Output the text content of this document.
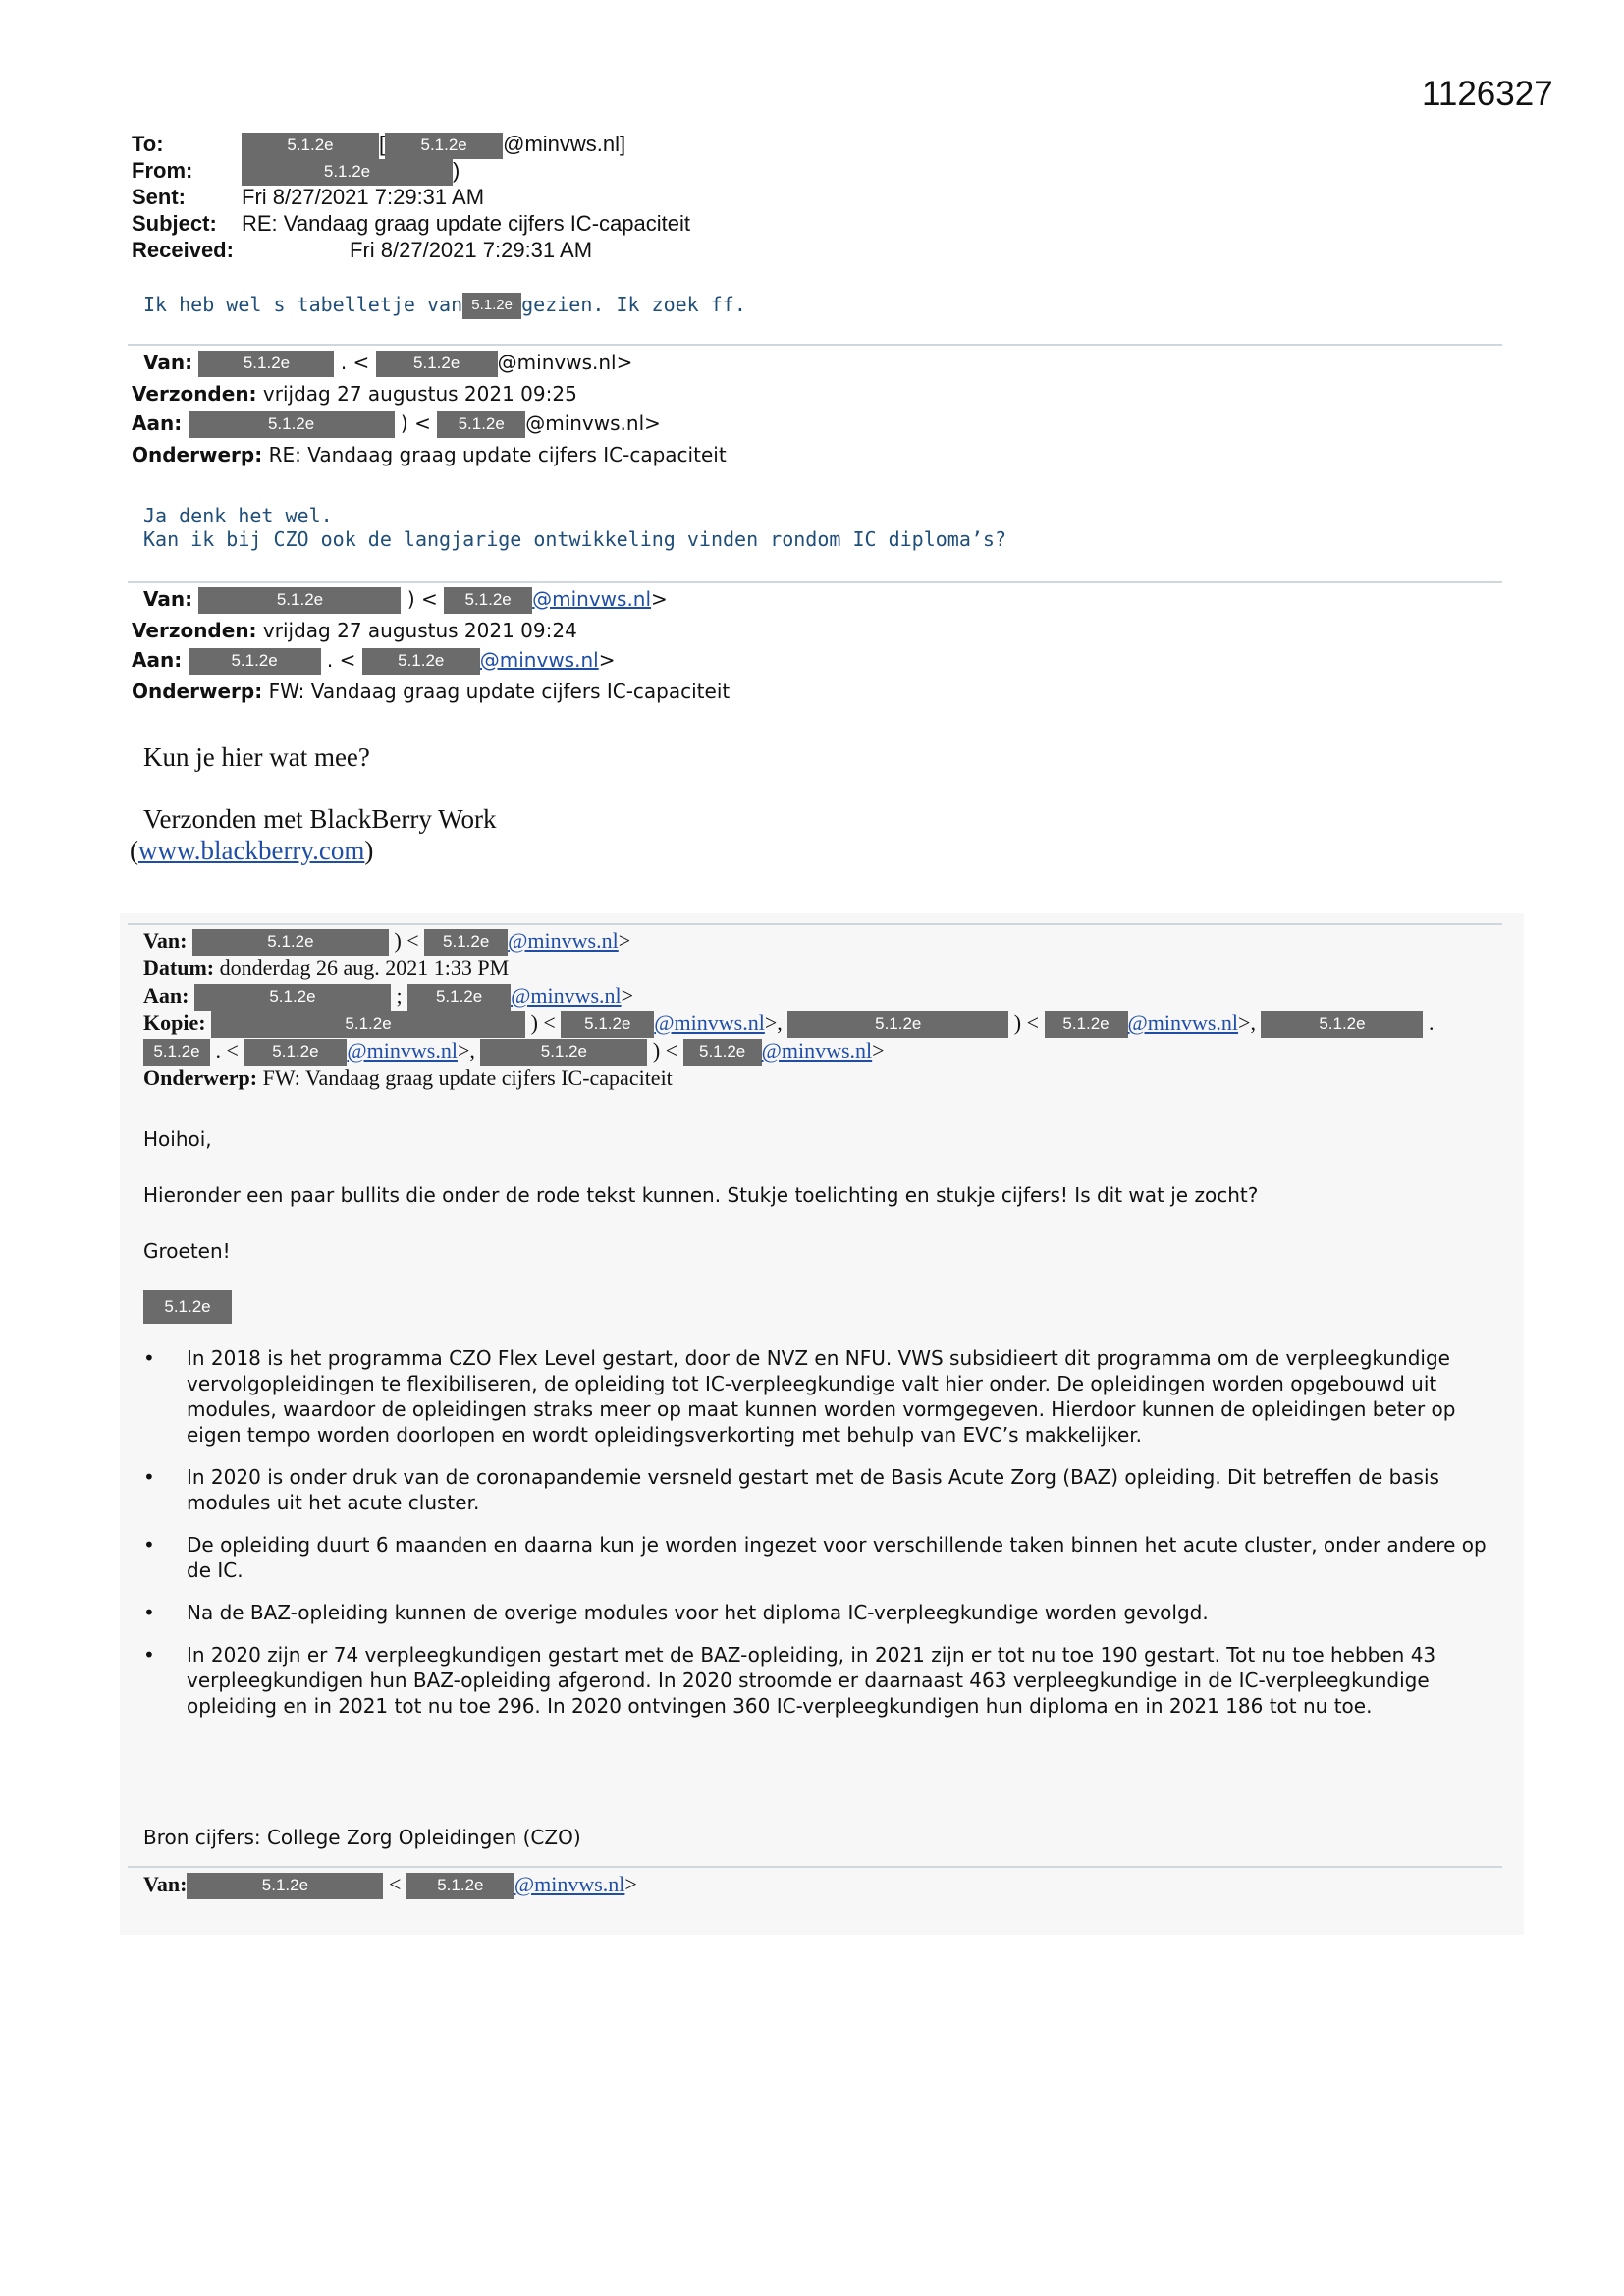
1126327
To:	5.1.2e [ 5.1.2e @minvws.nl]
From:	5.1.2e	)
Sent:	Fri 8/27/2021 7:29:31 AM
Subject: RE: Vandaag graag update cijfers IC-capaciteit
Received:	Fri 8/27/2021 7:29:31 AM
Ik heb wel s tabelletje van 5.1.2e gezien. Ik zoek ff.
Van:	5.1.2e . < 5.1.2e @minvws.nl>
Verzonden: vrijdag 27 augustus 2021 09:25
Aan:	5.1.2e	) < 5.1.2e @minvws.nl>
Onderwerp: RE: Vandaag graag update cijfers IC-capaciteit
Ja denk het wel.
Kan ik bij CZO ook de langjarige ontwikkeling vinden rondom IC diploma’s?
Van:	5.1.2e	) < 5.1.2e @minvws.nl>
Verzonden: vrijdag 27 augustus 2021 09:24
Aan:	5.1.2e . < 5.1.2e @minvws.nl>
Onderwerp: FW: Vandaag graag update cijfers IC-capaciteit
Kun je hier wat mee?
Verzonden met BlackBerry Work
(www.blackberry.com)
Van:	5.1.2e	) < 5.1.2e @minvws.nl>
Datum: donderdag 26 aug. 2021 1:33 PM
Aan:	5.1.2e	; 5.1.2e @minvws.nl>
Kopie:	5.1.2e	) < 5.1.2e @minvws.nl>,	5.1.2e	) < 5.1.2e @minvws.nl>,	5.1.2e	.
5.1.2e . < 5.1.2e @minvws.nl>,	5.1.2e	) < 5.1.2e @minvws.nl>
Onderwerp: FW: Vandaag graag update cijfers IC-capaciteit
Hoihoi,
Hieronder een paar bullits die onder de rode tekst kunnen. Stukje toelichting en stukje cijfers! Is dit wat je zocht?
Groeten!
5.1.2e
• In 2018 is het programma CZO Flex Level gestart, door de NVZ en NFU. VWS subsidieert dit programma om de verpleegkundige vervolgopleidingen te flexibiliseren, de opleiding tot IC-verpleegkundige valt hier onder. De opleidingen worden opgebouwd uit modules, waardoor de opleidingen straks meer op maat kunnen worden vormgegeven. Hierdoor kunnen de opleidingen beter op eigen tempo worden doorlopen en wordt opleidingsverkorting met behulp van EVC’s makkelijker.
• In 2020 is onder druk van de coronapandemie versneld gestart met de Basis Acute Zorg (BAZ) opleiding. Dit betreffen de basis modules uit het acute cluster.
• De opleiding duurt 6 maanden en daarna kun je worden ingezet voor verschillende taken binnen het acute cluster, onder andere op de IC.
• Na de BAZ-opleiding kunnen de overige modules voor het diploma IC-verpleegkundige worden gevolgd.
• In 2020 zijn er 74 verpleegkundigen gestart met de BAZ-opleiding, in 2021 zijn er tot nu toe 190 gestart. Tot nu toe hebben 43 verpleegkundigen hun BAZ-opleiding afgerond. In 2020 stroomde er daarnaast 463 verpleegkundige in de IC-verpleegkundige opleiding en in 2021 tot nu toe 296. In 2020 ontvingen 360 IC-verpleegkundigen hun diploma en in 2021 186 tot nu toe.
Bron cijfers: College Zorg Opleidingen (CZO)
Van:	5.1.2e	< 5.1.2e @minvws.nl>
